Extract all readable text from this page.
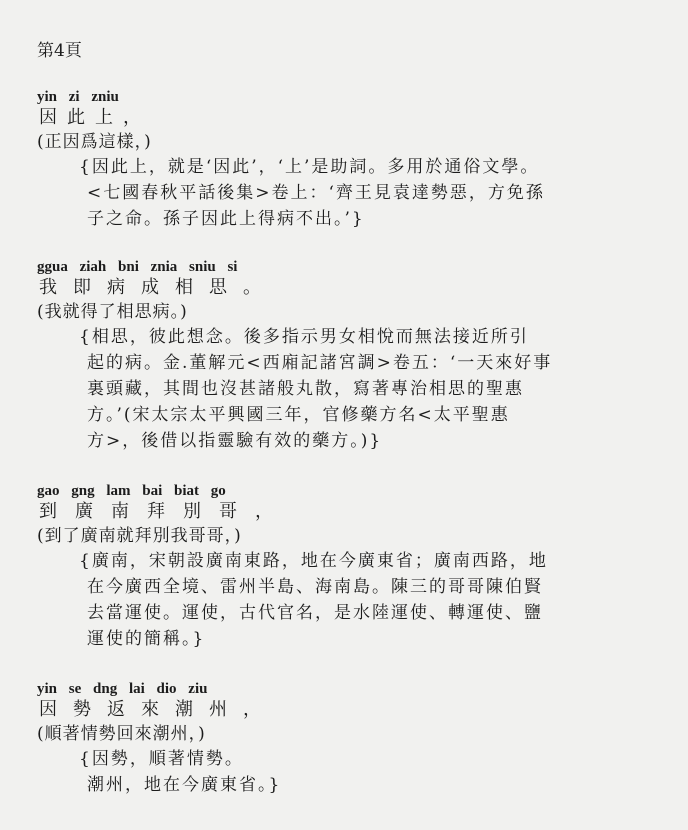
第4頁
yin zi zniu
因此上，
(正因爲這樣，)
{因此上，就是‘因此’，‘上’是助詞。多用於通俗文學。
<七國春秋平話後集>卷上：‘齊王見袁達勢惡，方免孫
子之命。孫子因此上得病不出。’}
ggua ziah bni znia sniu si
我即病成相思。
(我就得了相思病。)
{相思，彼此想念。後多指示男女相悅而無法接近所引
起的病。金.董解元<西廂記諸宮調>卷五：‘一天來好事
裏頭藏，其間也沒甚諸般丸散，寫著專治相思的聖惠
方。’(宋太宗太平興國三年，官修藥方名<太平聖惠
方>，後借以指靈驗有效的藥方。)}
gao gng lam bai biat go
到廣南拜別哥，
(到了廣南就拜別我哥哥，)
{廣南，宋朝設廣南東路，地在今廣東省；廣南西路，地
在今廣西全境、雷州半島、海南島。陳三的哥哥陳伯賢
去當運使。運使，古代官名，是水陸運使、轉運使、鹽
運使的簡稱。}
yin se dng lai dio ziu
因勢返來潮州，
(順著情勢回來潮州，)
{因勢，順著情勢。
潮州，地在今廣東省。}
